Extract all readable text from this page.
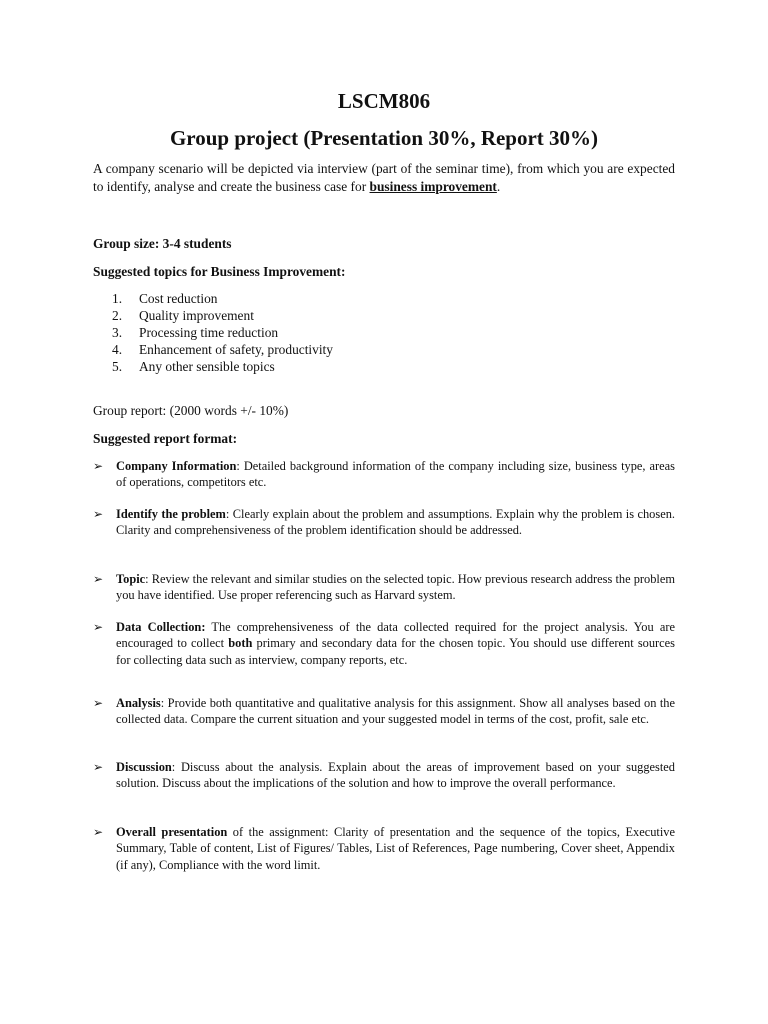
LSCM806
Group project (Presentation 30%, Report 30%)

A company scenario will be depicted via interview (part of the seminar time), from which you are expected to identify, analyse and create the business case for business improvement.

Group size: 3-4 students

Suggested topics for Business Improvement:

1.	Cost reduction
2.	Quality improvement
3.	Processing time reduction
4.	Enhancement of safety, productivity
5.	Any other sensible topics

Group report: (2000 words +/- 10%)

Suggested report format:

➢	Company Information: Detailed background information of the company including size, business type, areas of operations, competitors etc.
➢	Identify the problem: Clearly explain about the problem and assumptions. Explain why the problem is chosen. Clarity and comprehensiveness of the problem identification should be addressed.
➢	Topic: Review the relevant and similar studies on the selected topic. How previous research address the problem you have identified. Use proper referencing such as Harvard system.
➢	Data Collection: The comprehensiveness of the data collected required for the project analysis. You are encouraged to collect both primary and secondary data for the chosen topic. You should use different sources for collecting data such as interview, company reports, etc.
➢	Analysis: Provide both quantitative and qualitative analysis for this assignment. Show all analyses based on the collected data. Compare the current situation and your suggested model in terms of the cost, profit, sale etc.
➢	Discussion: Discuss about the analysis. Explain about the areas of improvement based on your suggested solution. Discuss about the implications of the solution and how to improve the overall performance.
➢	Overall presentation of the assignment: Clarity of presentation and the sequence of the topics, Executive Summary, Table of content, List of Figures/ Tables, List of References, Page numbering, Cover sheet, Appendix (if any), Compliance with the word limit.
